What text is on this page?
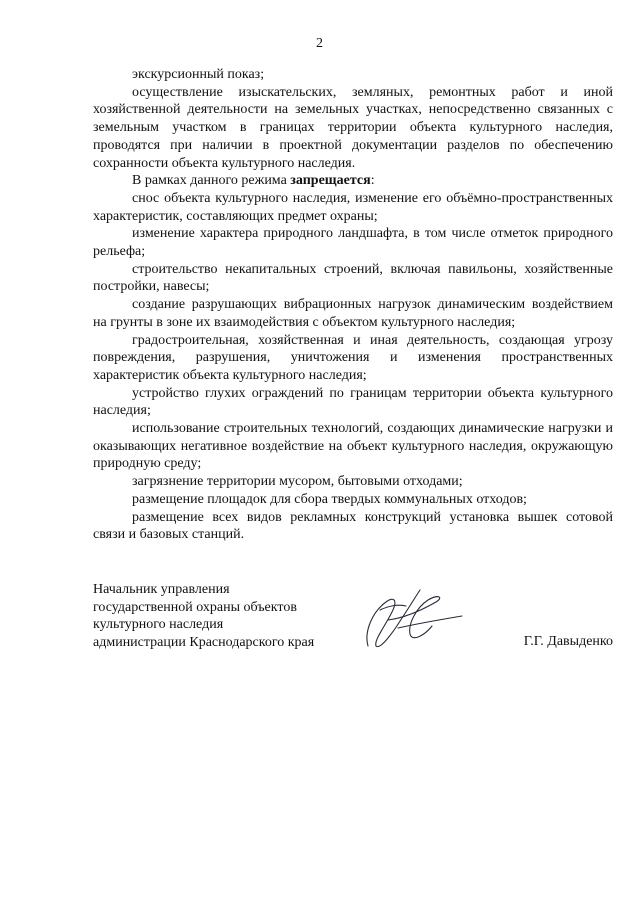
2

экскурсионный показ;

осуществление изыскательских, земляных, ремонтных работ и иной хозяйственной деятельности на земельных участках, непосредственно связанных с земельным участком в границах территории объекта культурного наследия, проводятся при наличии в проектной документации разделов по обеспечению сохранности объекта культурного наследия.

В рамках данного режима запрещается:

снос объекта культурного наследия, изменение его объёмно-пространственных характеристик, составляющих предмет охраны;

изменение характера природного ландшафта, в том числе отметок природного рельефа;

строительство некапитальных строений, включая павильоны, хозяйственные постройки, навесы;

создание разрушающих вибрационных нагрузок динамическим воздействием на грунты в зоне их взаимодействия с объектом культурного наследия;

градостроительная, хозяйственная и иная деятельность, создающая угрозу повреждения, разрушения, уничтожения и изменения пространственных характеристик объекта культурного наследия;

устройство глухих ограждений по границам территории объекта культурного наследия;

использование строительных технологий, создающих динамические нагрузки и оказывающих негативное воздействие на объект культурного наследия, окружающую природную среду;

загрязнение территории мусором, бытовыми отходами;

размещение площадок для сбора твердых коммунальных отходов;

размещение всех видов рекламных конструкций установка вышек сотовой связи и базовых станций.

Начальник управления
государственной охраны объектов
культурного наследия
администрации Краснодарского края	Г.Г. Давыденко
